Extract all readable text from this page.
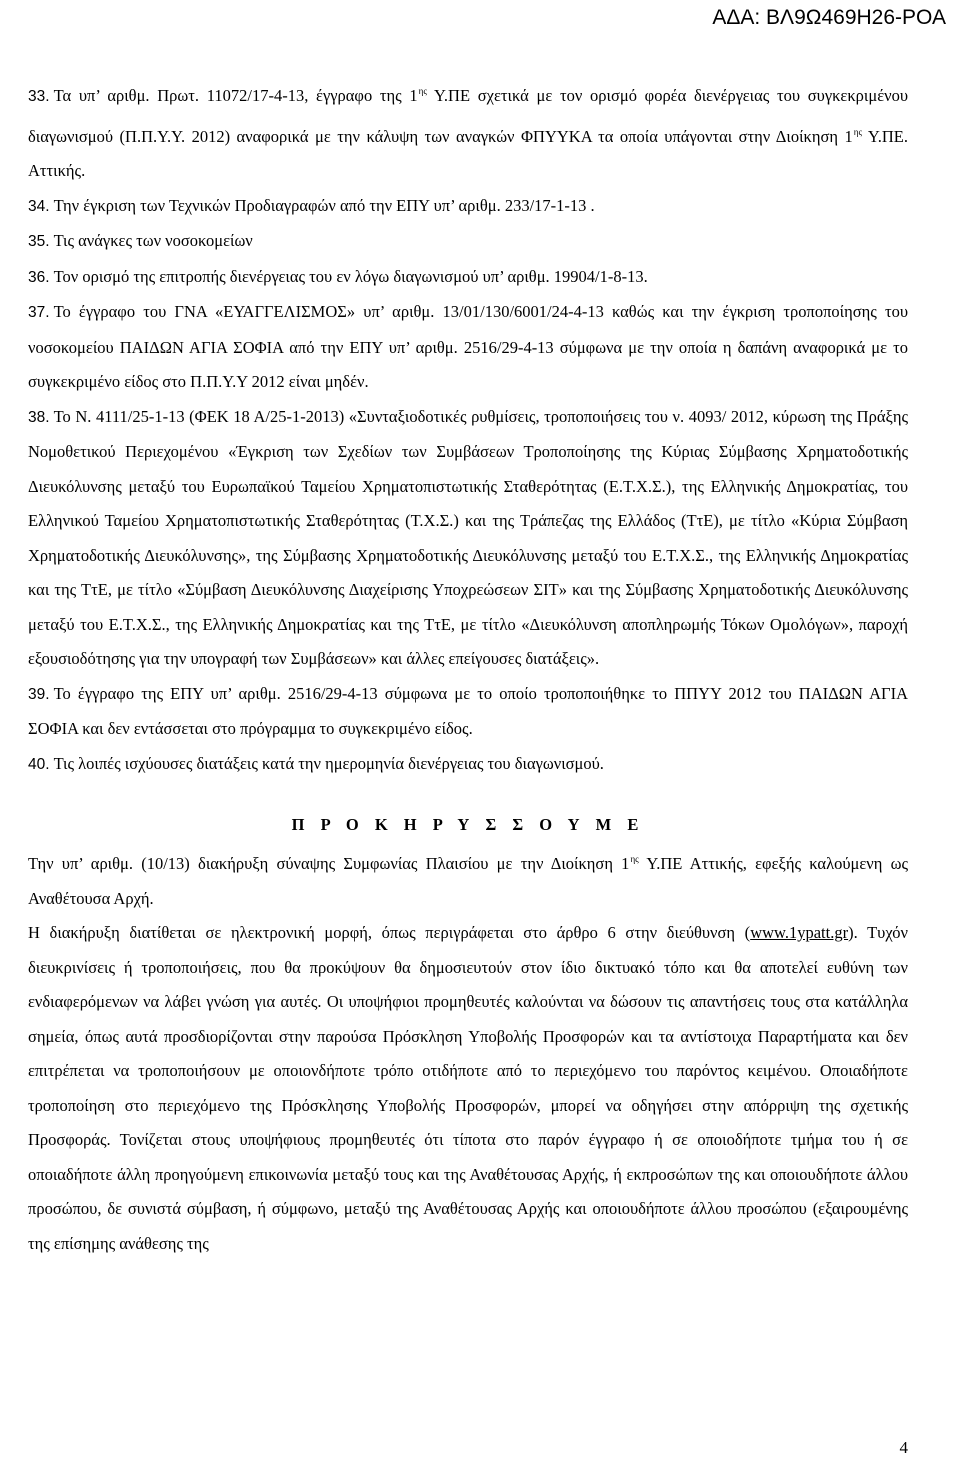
ΑΔΑ: ΒΛ9Ω469Η26-ΡΟΑ

33. Τα υπ’ αριθμ. Πρωτ. 11072/17-4-13, έγγραφο της $1^{\eta\varsigma}$ Υ.ΠΕ σχετικά με τον ορισμό φορέα διενέργειας του συγκεκριμένου διαγωνισμού (Π.Π.Υ.Υ. 2012) αναφορικά με την κάλυψη των αναγκών ΦΠΥΥΚΑ τα οποία υπάγονται στην Διοίκηση $1^{\eta\varsigma}$ Υ.ΠΕ. Αττικής.

34. Την έγκριση των Τεχνικών Προδιαγραφών από την ΕΠΥ υπ’ αριθμ. 233/17-1-13 .

35. Τις ανάγκες των νοσοκομείων

36. Τον ορισμό της επιτροπής διενέργειας του εν λόγω διαγωνισμού υπ’ αριθμ. 19904/1-8-13.

37. Το έγγραφο του ΓΝΑ «ΕΥΑΓΓΕΛΙΣΜΟΣ» υπ’ αριθμ. 13/01/130/6001/24-4-13 καθώς και την έγκριση τροποποίησης του νοσοκομείου ΠΑΙΔΩΝ ΑΓΙΑ ΣΟΦΙΑ από την ΕΠΥ υπ’ αριθμ. 2516/29-4-13 σύμφωνα με την οποία η δαπάνη αναφορικά με το συγκεκριμένο είδος στο Π.Π.Υ.Υ 2012 είναι μηδέν.

38. Το Ν. 4111/25-1-13 (ΦΕΚ 18 Α/25-1-2013) «Συνταξιοδοτικές ρυθμίσεις, τροποποιήσεις του ν. 4093/ 2012, κύρωση της Πράξης Νομοθετικού Περιεχομένου «Έγκριση των Σχεδίων των Συμβάσεων Τροποποίησης της Κύριας Σύμβασης Χρηματοδοτικής Διευκόλυνσης μεταξύ του Ευρωπαϊκού Ταμείου Χρηματοπιστωτικής Σταθερότητας (Ε.Τ.Χ.Σ.), της Ελληνικής Δημοκρατίας, του Ελληνικού Ταμείου Χρηματοπιστωτικής Σταθερότητας (Τ.Χ.Σ.) και της Τράπεζας της Ελλάδος (ΤτΕ), με τίτλο «Κύρια Σύμβαση Χρηματοδοτικής Διευκόλυνσης», της Σύμβασης Χρηματοδοτικής Διευκόλυνσης μεταξύ του Ε.Τ.Χ.Σ., της Ελληνικής Δημοκρατίας και της ΤτΕ, με τίτλο «Σύμβαση Διευκόλυνσης Διαχείρισης Υποχρεώσεων ΣΙΤ» και της Σύμβασης Χρηματοδοτικής Διευκόλυνσης μεταξύ του Ε.Τ.Χ.Σ., της Ελληνικής Δημοκρατίας και της ΤτΕ, με τίτλο «Διευκόλυνση αποπληρωμής Τόκων Ομολόγων», παροχή εξουσιοδότησης για την υπογραφή των Συμβάσεων» και άλλες επείγουσες διατάξεις».

39. Το έγγραφο της ΕΠΥ υπ’ αριθμ. 2516/29-4-13 σύμφωνα με το οποίο τροποποιήθηκε το ΠΠΥΥ 2012 του ΠΑΙΔΩΝ ΑΓΙΑ ΣΟΦΙΑ και δεν εντάσσεται στο πρόγραμμα το συγκεκριμένο είδος.

40. Τις λοιπές ισχύουσες διατάξεις κατά την ημερομηνία διενέργειας του διαγωνισμού.

Π Ρ Ο Κ Η Ρ Υ Σ Σ Ο Υ Μ Ε

Την υπ’ αριθμ. (10/13) διακήρυξη σύναψης Συμφωνίας Πλαισίου με την Διοίκηση $1^{\eta\varsigma}$ Υ.ΠΕ Αττικής, εφεξής καλούμενη ως Αναθέτουσα Αρχή.

Η διακήρυξη διατίθεται σε ηλεκτρονική μορφή, όπως περιγράφεται στο άρθρο 6 στην διεύθυνση (www.1ypatt.gr). Τυχόν διευκρινίσεις ή τροποποιήσεις, που θα προκύψουν θα δημοσιευτούν στον ίδιο δικτυακό τόπο και θα αποτελεί ευθύνη των ενδιαφερόμενων να λάβει γνώση για αυτές. Οι υποψήφιοι προμηθευτές καλούνται να δώσουν τις απαντήσεις τους στα κατάλληλα σημεία, όπως αυτά προσδιορίζονται στην παρούσα Πρόσκληση Υποβολής Προσφορών και τα αντίστοιχα Παραρτήματα και δεν επιτρέπεται να τροποποιήσουν με οποιονδήποτε τρόπο οτιδήποτε από το περιεχόμενο του παρόντος κειμένου. Οποιαδήποτε τροποποίηση στο περιεχόμενο της Πρόσκλησης Υποβολής Προσφορών, μπορεί να οδηγήσει στην απόρριψη της σχετικής Προσφοράς. Τονίζεται στους υποψήφιους προμηθευτές ότι τίποτα στο παρόν έγγραφο ή σε οποιοδήποτε τμήμα του ή σε οποιαδήποτε άλλη προηγούμενη επικοινωνία μεταξύ τους και της Αναθέτουσας Αρχής, ή εκπροσώπων της και οποιουδήποτε άλλου προσώπου, δε συνιστά σύμβαση, ή σύμφωνο, μεταξύ της Αναθέτουσας Αρχής και οποιουδήποτε άλλου προσώπου (εξαιρουμένης της επίσημης ανάθεσης της

4
